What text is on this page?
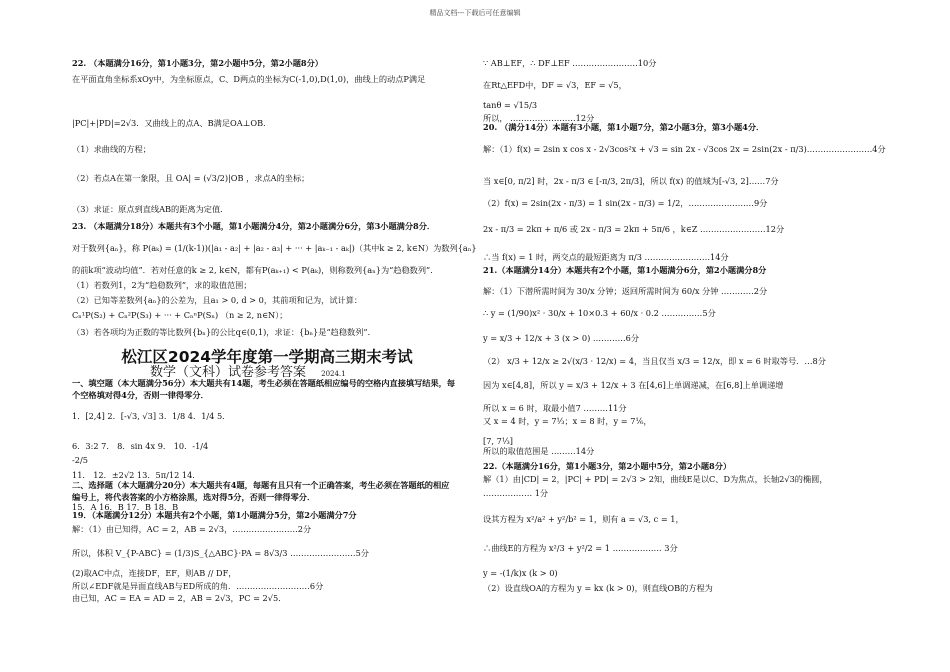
精品文档---下载后可任意编辑
22. （本题满分16分，第1小题3分，第2小题中5分，第2小题8分）
在平面直角坐标系xOy中，为坐标原点，C、D两点的坐标为C(-1,0),D(1,0)，曲线上的动点P满足
|PC|+|PD|=2√3．又曲线上的点A、B满足OA⊥OB．
（1）求曲线的方程；
（2）若点A在第一象限，且 OA| = (√3/2)|OB ，求点A的坐标；
（3）求证：原点到直线AB的距离为定值．
23. （本题满分18分）本题共有3个小题，第1小题满分4分，第2小题满分6分，第3小题满分8分．
对于数列{aₙ}，称 P(aₖ) = (1/(k-1))(|a₁ - a₂| + |a₂ - a₃| + ··· + |aₖ₋₁ - aₖ|)（其中k ≥ 2, k∈N）为数列{aₙ}
的前k项“波动均值”．若对任意的k ≥ 2, k∈N，都有P(aₖ₊₁) < P(aₖ)，则称数列{aₙ}为“趋稳数列”．
（1）若数列1，2为“趋稳数列”，求的取值范围；
（2）已知等差数列{aₙ}的公差为，且a₁ > 0, d > 0，其前项和记为，试计算：
Cₙ¹P(S₂) + Cₙ²P(S₃) + ··· + CₙⁿP(Sₙ) （n ≥ 2, n∈N）；
（3）若各项均为正数的等比数列{bₙ}的公比q∈(0,1)，求证：{bₙ}是“趋稳数列”．
一、填空题（本大题满分56分）本大题共有14题，考生必须在答题纸相应编号的空格内直接填写结果，每
个空格填对得4分，否则一律得零分．
1．[2,4] 2．[-√3, √3] 3．1/8 4．1/4 5．
6．3:2 7． 8．sin 4x 9． 10．-1/4
-2/5
11． 12．±2√2 13．5π/12 14．
二、选择题（本大题满分20分）本大题共有4题，每题有且只有一个正确答案，考生必须在答题纸的相应
编号上，将代表答案的小方格涂黑，选对得5分，否则一律得零分．
15．A 16．B 17．B 18．B
19．（本题满分12分）本题共有2个小题，第1小题满分5分，第2小题满分7分
解：（1）由已知得，AC = 2，AB = 2√3，……………………2分
所以，体积 V_{P-ABC} = (1/3)S_{△ABC}·PA = 8√3/3 ……………………5分
(2)取AC中点，连接DF，EF，则AB // DF，
所以∠EDF就是异面直线AB与ED所成的角．………………………6分
由已知，AC = EA = AD = 2，AB = 2√3，PC = 2√5．
∵ AB⊥EF，∴ DF⊥EF ……………………10分
在Rt△EFD中，DF = √3，EF = √5，
tanθ = √15/3
所以， ……………………12分
20. （满分14分）本题有3小题，第1小题7分，第2小题3分，第3小题4分．
解：（1）f(x) = 2sin x cos x - 2√3cos²x + √3 = sin 2x - √3cos 2x = 2sin(2x - π/3)……………………4分
当 x∈[0, π/2] 时，2x - π/3 ∈ [-π/3, 2π/3]，所以 f(x) 的值域为[-√3, 2]……7分
（2）f(x) = 2sin(2x - π/3) = 1 sin(2x - π/3) = 1/2，……………………9分
2x - π/3 = 2kπ + π/6 或 2x - π/3 = 2kπ + 5π/6 ，k∈Z ……………………12分
∴当 f(x) = 1 时，两交点的最短距离为 π/3 ……………………14分
21.（本题满分14分）本题共有2个小题，第1小题满分6分，第2小题满分8分
解：（1）下潜所需时间为 30/x 分钟；返回所需时间为 60/x 分钟 …………2分
∴ y = (1/90)x² · 30/x + 10×0.3 + 60/x · 0.2 ……………5分
y = x/3 + 12/x + 3 (x > 0) …………6分
（2） x/3 + 12/x ≥ 2√(x/3 · 12/x) = 4，当且仅当 x/3 = 12/x，即 x = 6 时取等号．…8分
因为 x∈[4,8]，所以 y = x/3 + 12/x + 3 在[4,6]上单调递减，在[6,8]上单调递增
所以 x = 6 时，取最小值7 ………11分
又 x = 4 时，y = 7⅓；x = 8 时，y = 7⅙，
[7, 7⅓]
所以的取值范围是 ………14分
22.（本题满分16分，第1小题3分，第2小题中5分，第2小题8分）
解（1）由|CD| = 2，|PC| + PD| = 2√3 > 2知，曲线E是以C、D为焦点，长轴2√3的椭圆，
……………… 1分
设其方程为 x²/a² + y²/b² = 1，则有 a = √3, c = 1，
∴曲线E的方程为 x²/3 + y²/2 = 1 ……………… 3分
y = -(1/k)x (k > 0)
（2）设直线OA的方程为 y = kx (k > 0)，则直线OB的方程为
松江区2024学年度第一学期高三期末考试
数学（文科）试卷参考答案 2024.1
